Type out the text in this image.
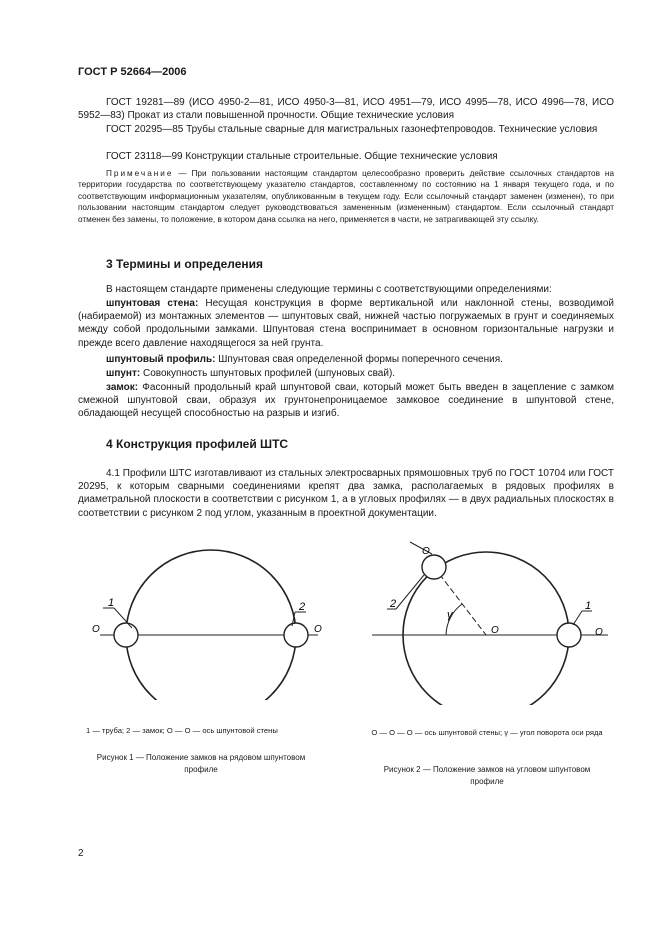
ГОСТ Р 52664—2006
ГОСТ 19281—89 (ИСО 4950-2—81, ИСО 4950-3—81, ИСО 4951—79, ИСО 4995—78, ИСО 4996—78, ИСО 5952—83) Прокат из стали повышенной прочности. Общие технические условия
ГОСТ 20295—85 Трубы стальные сварные для магистральных газонефтепроводов. Технические условия
ГОСТ 23118—99 Конструкции стальные строительные. Общие технические условия
Примечание — При пользовании настоящим стандартом целесообразно проверить действие ссылочных стандартов на территории государства по соответствующему указателю стандартов, составленному по состоянию на 1 января текущего года, и по соответствующим информационным указателям, опубликованным в текущем году. Если ссылочный стандарт заменен (изменен), то при пользовании настоящим стандартом следует руководствоваться замененным (измененным) стандартом. Если ссылочный стандарт отменен без замены, то положение, в котором дана ссылка на него, применяется в части, не затрагивающей эту ссылку.
3 Термины и определения
В настоящем стандарте применены следующие термины с соответствующими определениями:
шпунтовая стена: Несущая конструкция в форме вертикальной или наклонной стены, возводимой (набираемой) из монтажных элементов — шпунтовых свай, нижней частью погружаемых в грунт и соединяемых между собой продольными замками. Шпунтовая стена воспринимает в основном горизонтальные нагрузки и прежде всего давление находящегося за ней грунта.
шпунтовый профиль: Шпунтовая свая определенной формы поперечного сечения.
шпунт: Совокупность шпунтовых профилей (шпуновых свай).
замок: Фасонный продольный край шпунтовой сваи, который может быть введен в зацепление с замком смежной шпунтовой сваи, образуя их грунтонепроницаемое замковое соединение в шпунтовой стене, обладающей несущей способностью на разрыв и изгиб.
4 Конструкция профилей ШТС
4.1 Профили ШТС изготавливают из стальных электросварных прямошовных труб по ГОСТ 10704 или ГОСТ 20295, к которым сварными соединениями крепят два замка, располагаемых в рядовых профилях в диаметральной плоскости в соответствии с рисунком 1, а в угловых профилях — в двух радиальных плоскостях в соответствии с рисунком 2 под углом, указанным в проектной документации.
1	2
O	O
1 — труба; 2 — замок; O — O — ось шпунтовой стены
Рисунок 1 — Положение замков на рядовом шпунтовом профиле
O
2
γ
O
1
O
O — O — O — ось шпунтовой стены; γ — угол поворота оси ряда
Рисунок 2 — Положение замков на угловом шпунтовом профиле
2
